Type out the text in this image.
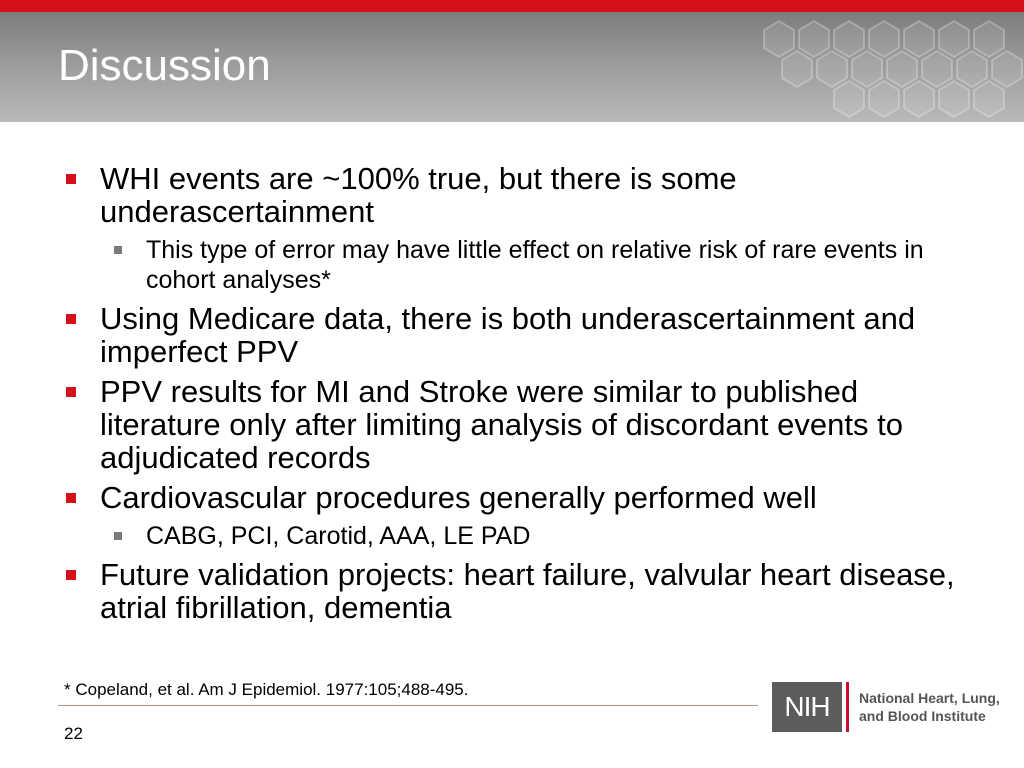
Discussion
WHI events are ~100% true, but there is some underascertainment
This type of error may have little effect on relative risk of rare events in cohort analyses*
Using Medicare data, there is both underascertainment and imperfect PPV
PPV results for MI and Stroke were similar to published literature only after limiting analysis of discordant events to adjudicated records
Cardiovascular procedures generally performed well
CABG, PCI, Carotid, AAA, LE PAD
Future validation projects: heart failure, valvular heart disease, atrial fibrillation, dementia
* Copeland, et al. Am J Epidemiol. 1977:105;488-495.
22
NIH	National Heart, Lung,
and Blood Institute
